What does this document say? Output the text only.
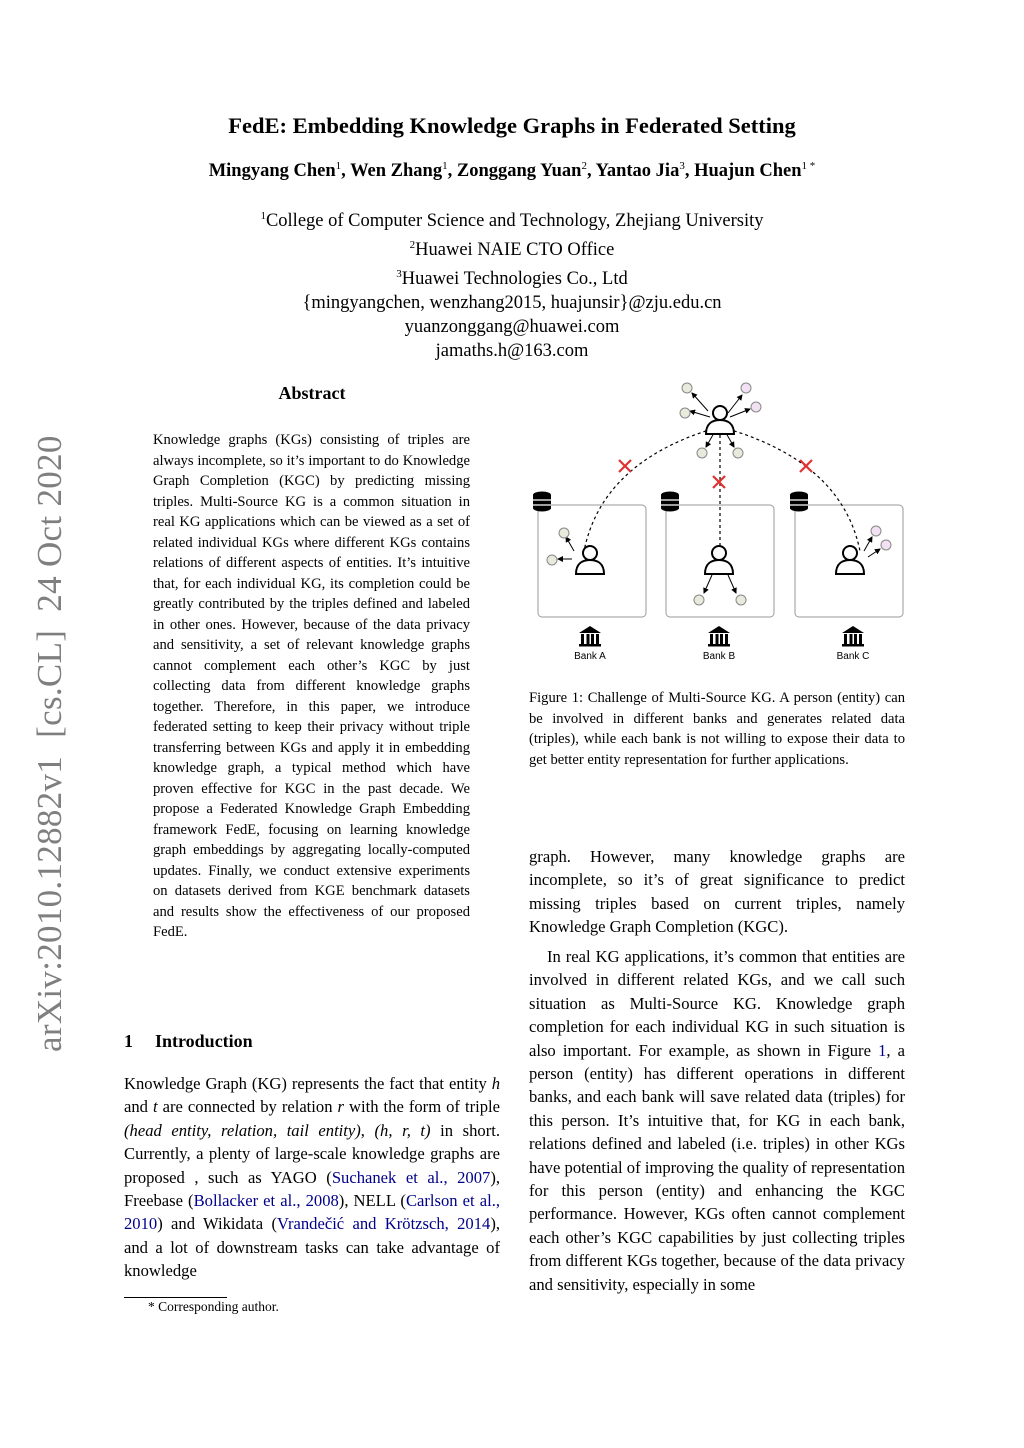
FedE: Embedding Knowledge Graphs in Federated Setting
Mingyang Chen$^1$, Wen Zhang$^1$, Zonggang Yuan$^2$, Yantao Jia$^3$, Huajun Chen$^{1 *}$
$^1$College of Computer Science and Technology, Zhejiang University
$^2$Huawei NAIE CTO Office
$^3$Huawei Technologies Co., Ltd
{mingyangchen, wenzhang2015, huajunsir}@zju.edu.cn
yuanzonggang@huawei.com
jamaths.h@163.com
arXiv:2010.12882v1  [cs.CL]  24 Oct 2020
Abstract
Knowledge graphs (KGs) consisting of triples are always incomplete, so it’s important to do Knowledge Graph Completion (KGC) by predicting missing triples. Multi-Source KG is a common situation in real KG applications which can be viewed as a set of related individual KGs where different KGs contains relations of different aspects of entities. It’s intuitive that, for each individual KG, its completion could be greatly contributed by the triples defined and labeled in other ones. However, because of the data privacy and sensitivity, a set of relevant knowledge graphs cannot complement each other’s KGC by just collecting data from different knowledge graphs together. Therefore, in this paper, we introduce federated setting to keep their privacy without triple transferring between KGs and apply it in embedding knowledge graph, a typical method which have proven effective for KGC in the past decade. We propose a Federated Knowledge Graph Embedding framework FedE, focusing on learning knowledge graph embeddings by aggregating locally-computed updates. Finally, we conduct extensive experiments on datasets derived from KGE benchmark datasets and results show the effectiveness of our proposed FedE.
1 Introduction
Knowledge Graph (KG) represents the fact that entity h and t are connected by relation r with the form of triple (head entity, relation, tail entity), (h, r, t) in short. Currently, a plenty of large-scale knowledge graphs are proposed , such as YAGO (Suchanek et al., 2007), Freebase (Bollacker et al., 2008), NELL (Carlson et al., 2010) and Wikidata (Vrandečić and Krötzsch, 2014), and a lot of downstream tasks can take advantage of knowledge
* Corresponding author.
Bank A	Bank B	Bank C
Figure 1: Challenge of Multi-Source KG. A person (entity) can be involved in different banks and generates related data (triples), while each bank is not willing to expose their data to get better entity representation for further applications.
graph. However, many knowledge graphs are incomplete, so it’s of great significance to predict missing triples based on current triples, namely Knowledge Graph Completion (KGC).
In real KG applications, it’s common that entities are involved in different related KGs, and we call such situation as Multi-Source KG. Knowledge graph completion for each individual KG in such situation is also important. For example, as shown in Figure 1, a person (entity) has different operations in different banks, and each bank will save related data (triples) for this person. It’s intuitive that, for KG in each bank, relations defined and labeled (i.e. triples) in other KGs have potential of improving the quality of representation for this person (entity) and enhancing the KGC performance. However, KGs often cannot complement each other’s KGC capabilities by just collecting triples from different KGs together, because of the data privacy and sensitivity, especially in some
